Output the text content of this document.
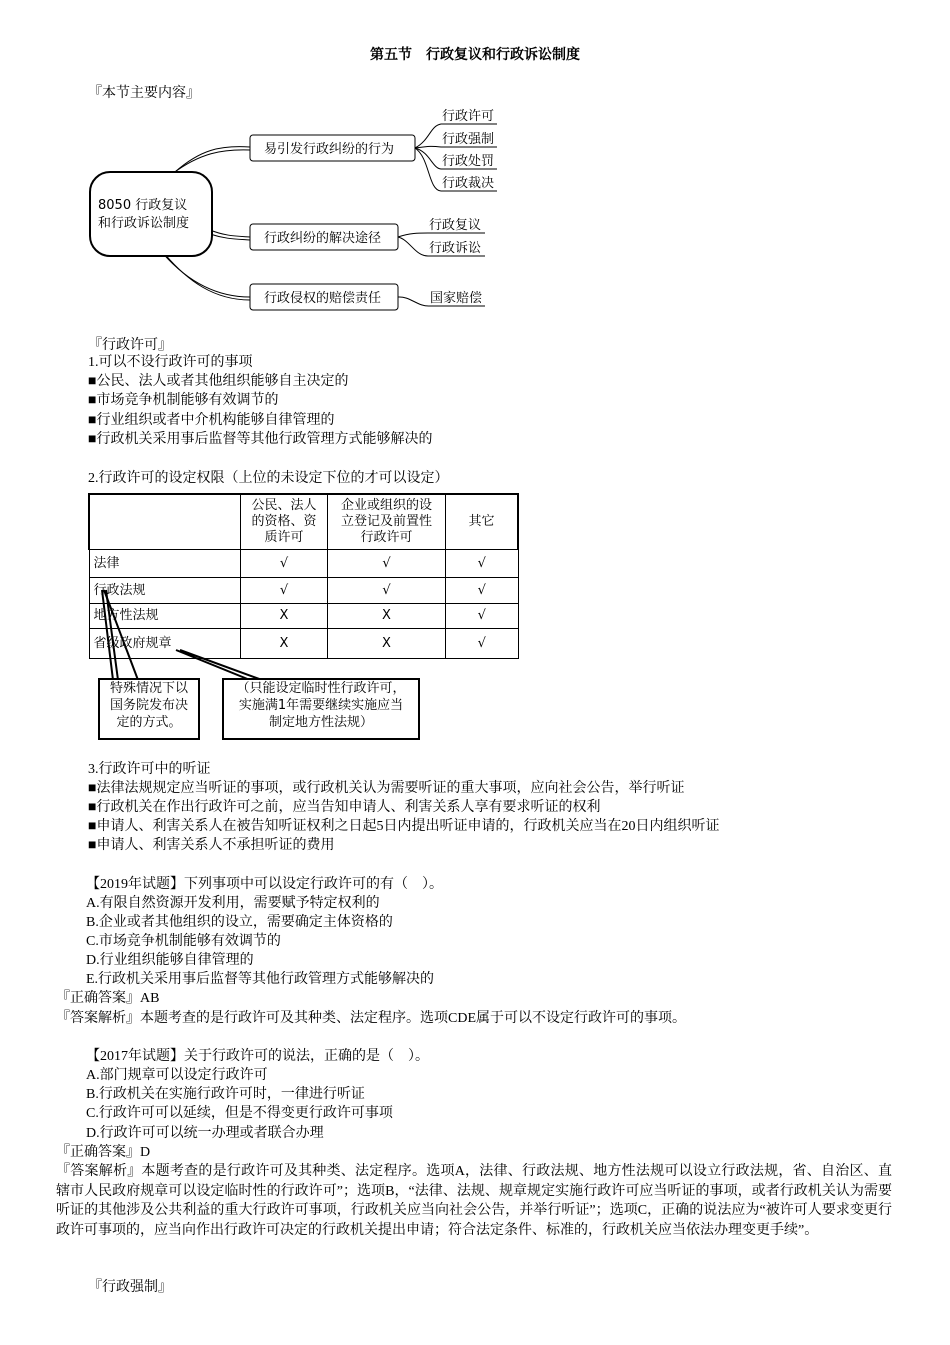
第五节　行政复议和行政诉讼制度
『本节主要内容』
8050 行政复议
和行政诉讼制度
易引发行政纠纷的行为
行政纠纷的解决途径
行政侵权的赔偿责任
行政许可
行政强制
行政处罚
行政裁决
行政复议
行政诉讼
国家赔偿
『行政许可』
1.可以不设行政许可的事项
■公民、法人或者其他组织能够自主决定的
■市场竞争机制能够有效调节的
■行业组织或者中介机构能够自律管理的
■行政机关采用事后监督等其他行政管理方式能够解决的
2.行政许可的设定权限（上位的未设定下位的才可以设定）
	公民、法人
的资格、资
质许可	企业或组织的设
立登记及前置性
行政许可	其它
法律	√	√	√
行政法规	√	√	√
地方性法规	X	X	√
省级政府规章	X	X	√
特殊情况下以
国务院发布决
定的方式。
（只能设定临时性行政许可，
实施满1年需要继续实施应当
制定地方性法规）
3.行政许可中的听证
■法律法规规定应当听证的事项，或行政机关认为需要听证的重大事项，应向社会公告，举行听证
■行政机关在作出行政许可之前，应当告知申请人、利害关系人享有要求听证的权利
■申请人、利害关系人在被告知听证权利之日起5日内提出听证申请的，行政机关应当在20日内组织听证
■申请人、利害关系人不承担听证的费用
【2019年试题】下列事项中可以设定行政许可的有（　）。
A.有限自然资源开发利用，需要赋予特定权利的
B.企业或者其他组织的设立，需要确定主体资格的
C.市场竞争机制能够有效调节的
D.行业组织能够自律管理的
E.行政机关采用事后监督等其他行政管理方式能够解决的
『正确答案』AB
『答案解析』本题考查的是行政许可及其种类、法定程序。选项CDE属于可以不设定行政许可的事项。
【2017年试题】关于行政许可的说法，正确的是（　）。
A.部门规章可以设定行政许可
B.行政机关在实施行政许可时，一律进行听证
C.行政许可可以延续，但是不得变更行政许可事项
D.行政许可可以统一办理或者联合办理
『正确答案』D
『答案解析』本题考查的是行政许可及其种类、法定程序。选项A，法律、行政法规、地方性法规可以设立行政法规，省、自治区、直辖市人民政府规章可以设定临时性的行政许可”；选项B，“法律、法规、规章规定实施行政许可应当听证的事项，或者行政机关认为需要听证的其他涉及公共利益的重大行政许可事项，行政机关应当向社会公告，并举行听证”；选项C，正确的说法应为“被许可人要求变更行政许可事项的，应当向作出行政许可决定的行政机关提出申请；符合法定条件、标准的，行政机关应当依法办理变更手续”。
『行政强制』
